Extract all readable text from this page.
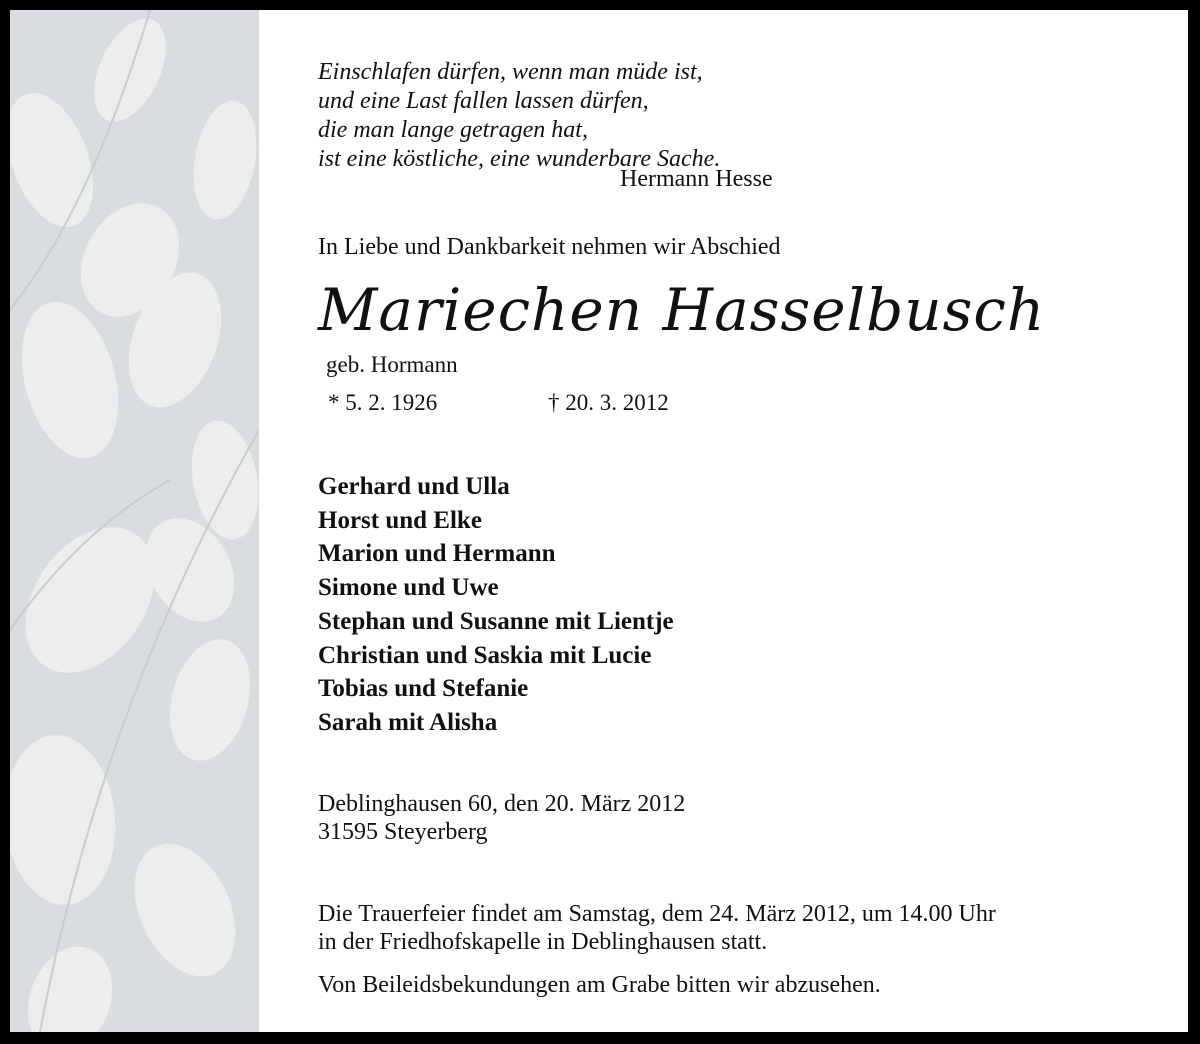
Einschlafen dürfen, wenn man müde ist,
und eine Last fallen lassen dürfen,
die man lange getragen hat,
ist eine köstliche, eine wunderbare Sache.
Hermann Hesse
In Liebe und Dankbarkeit nehmen wir Abschied
Mariechen Hasselbusch
geb. Hormann
* 5. 2. 1926	† 20. 3. 2012
Gerhard und Ulla
Horst und Elke
Marion und Hermann
Simone und Uwe
Stephan und Susanne mit Lientje
Christian und Saskia mit Lucie
Tobias und Stefanie
Sarah mit Alisha
Deblinghausen 60, den 20. März 2012
31595 Steyerberg
Die Trauerfeier findet am Samstag, dem 24. März 2012, um 14.00 Uhr
in der Friedhofskapelle in Deblinghausen statt.
Von Beileidsbekundungen am Grabe bitten wir abzusehen.
